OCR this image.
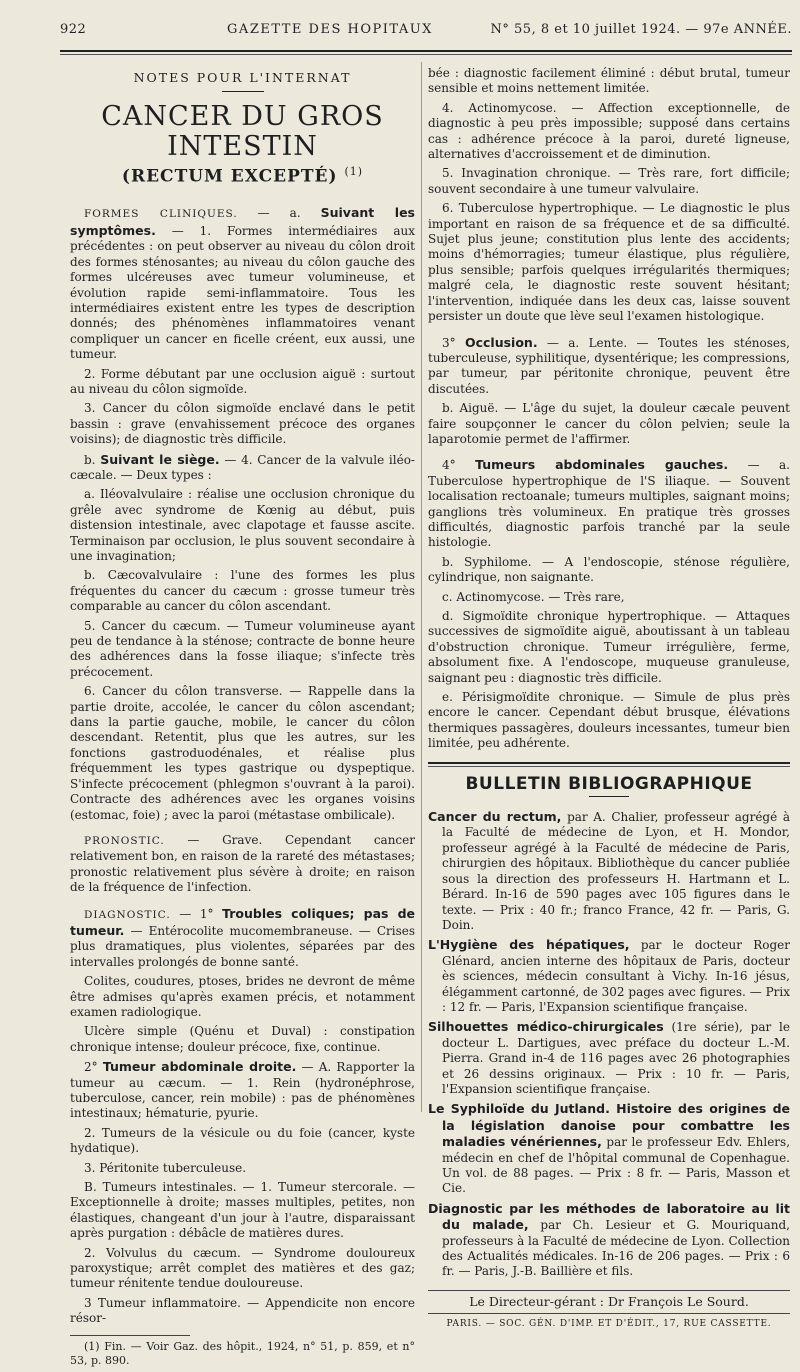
922	GAZETTE DES HOPITAUX	N° 55, 8 et 10 juillet 1924. — 97e ANNÉE.
NOTES POUR L'INTERNAT
CANCER DU GROS INTESTIN
(RECTUM EXCEPTÉ) $^{(1)}$

FORMES CLINIQUES. — a. Suivant les symptômes. — 1. Formes intermédiaires aux précédentes : on peut observer au niveau du côlon droit des formes sténosantes; au niveau du côlon gauche des formes ulcéreuses avec tumeur volumineuse, et évolution rapide semi-inflammatoire. Tous les intermédiaires existent entre les types de description donnés; des phénomènes inflammatoires venant compliquer un cancer en ficelle créent, eux aussi, une tumeur.

2. Forme débutant par une occlusion aiguë : surtout au niveau du côlon sigmoïde.

3. Cancer du côlon sigmoïde enclavé dans le petit bassin : grave (envahissement précoce des organes voisins); de diagnostic très difficile.

b. Suivant le siège. — 4. Cancer de la valvule iléo-cæcale. — Deux types :

a. Iléovalvulaire : réalise une occlusion chronique du grêle avec syndrome de Kœnig au début, puis distension intestinale, avec clapotage et fausse ascite. Terminaison par occlusion, le plus souvent secondaire à une invagination;

b. Cæcovalvulaire : l'une des formes les plus fréquentes du cancer du cæcum : grosse tumeur très comparable au cancer du côlon ascendant.

5. Cancer du cæcum. — Tumeur volumineuse ayant peu de tendance à la sténose; contracte de bonne heure des adhérences dans la fosse iliaque; s'infecte très précocement.

6. Cancer du côlon transverse. — Rappelle dans la partie droite, accolée, le cancer du côlon ascendant; dans la partie gauche, mobile, le cancer du côlon descendant. Retentit, plus que les autres, sur les fonctions gastroduodénales, et réalise plus fréquemment les types gastrique ou dyspeptique. S'infecte précocement (phlegmon s'ouvrant à la paroi). Contracte des adhérences avec les organes voisins (estomac, foie) ; avec la paroi (métastase ombilicale).

PRONOSTIC. — Grave. Cependant cancer relativement bon, en raison de la rareté des métastases; pronostic relativement plus sévère à droite; en raison de la fréquence de l'infection.

DIAGNOSTIC. — 1° Troubles coliques; pas de tumeur. — Entérocolite mucomembraneuse. — Crises plus dramatiques, plus violentes, séparées par des intervalles prolongés de bonne santé.

Colites, coudures, ptoses, brides ne devront de même être admises qu'après examen précis, et notamment examen radiologique.

Ulcère simple (Quénu et Duval) : constipation chronique intense; douleur précoce, fixe, continue.

2° Tumeur abdominale droite. — A. Rapporter la tumeur au cæcum. — 1. Rein (hydronéphrose, tuberculose, cancer, rein mobile) : pas de phénomènes intestinaux; hématurie, pyurie.

2. Tumeurs de la vésicule ou du foie (cancer, kyste hydatique).

3. Péritonite tuberculeuse.

B. Tumeurs intestinales. — 1. Tumeur stercorale. — Exceptionnelle à droite; masses multiples, petites, non élastiques, changeant d'un jour à l'autre, disparaissant après purgation : débâcle de matières dures.

2. Volvulus du cæcum. — Syndrome douloureux paroxystique; arrêt complet des matières et des gaz; tumeur rénitente tendue douloureuse.

3 Tumeur inflammatoire. — Appendicite non encore résor-

(1) Fin. — Voir Gaz. des hôpit., 1924, n° 51, p. 859, et n° 53, p. 890.

bée : diagnostic facilement éliminé : début brutal, tumeur sensible et moins nettement limitée.

4. Actinomycose. — Affection exceptionnelle, de diagnostic à peu près impossible; supposé dans certains cas : adhérence précoce à la paroi, dureté ligneuse, alternatives d'accroissement et de diminution.

5. Invagination chronique. — Très rare, fort difficile; souvent secondaire à une tumeur valvulaire.

6. Tuberculose hypertrophique. — Le diagnostic le plus important en raison de sa fréquence et de sa difficulté. Sujet plus jeune; constitution plus lente des accidents; moins d'hémorragies; tumeur élastique, plus régulière, plus sensible; parfois quelques irrégularités thermiques; malgré cela, le diagnostic reste souvent hésitant; l'intervention, indiquée dans les deux cas, laisse souvent persister un doute que lève seul l'examen histologique.

3° Occlusion. — a. Lente. — Toutes les sténoses, tuberculeuse, syphilitique, dysentérique; les compressions, par tumeur, par péritonite chronique, peuvent être discutées.

b. Aiguë. — L'âge du sujet, la douleur cæcale peuvent faire soupçonner le cancer du côlon pelvien; seule la laparotomie permet de l'affirmer.

4° Tumeurs abdominales gauches. — a. Tuberculose hypertrophique de l'S iliaque. — Souvent localisation rectoanale; tumeurs multiples, saignant moins; ganglions très volumineux. En pratique très grosses difficultés, diagnostic parfois tranché par la seule histologie.

b. Syphilome. — A l'endoscopie, sténose régulière, cylindrique, non saignante.

c. Actinomycose. — Très rare,

d. Sigmoïdite chronique hypertrophique. — Attaques successives de sigmoïdite aiguë, aboutissant à un tableau d'obstruction chronique. Tumeur irrégulière, ferme, absolument fixe. A l'endoscope, muqueuse granuleuse, saignant peu : diagnostic très difficile.

e. Périsigmoïdite chronique. — Simule de plus près encore le cancer. Cependant début brusque, élévations thermiques passagères, douleurs incessantes, tumeur bien limitée, peu adhérente.

BULLETIN BIBLIOGRAPHIQUE
Cancer du rectum, par A. Chalier, professeur agrégé à la Faculté de médecine de Lyon, et H. Mondor, professeur agrégé à la Faculté de médecine de Paris, chirurgien des hôpitaux. Bibliothèque du cancer publiée sous la direction des professeurs H. Hartmann et L. Bérard. In-16 de 590 pages avec 105 figures dans le texte. — Prix : 40 fr.; franco France, 42 fr. — Paris, G. Doin.
L'Hygiène des hépatiques, par le docteur Roger Glénard, ancien interne des hôpitaux de Paris, docteur ès sciences, médecin consultant à Vichy. In-16 jésus, élégamment cartonné, de 302 pages avec figures. — Prix : 12 fr. — Paris, l'Expansion scientifique française.
Silhouettes médico-chirurgicales (1re série), par le docteur L. Dartigues, avec préface du docteur L.-M. Pierra. Grand in-4 de 116 pages avec 26 photographies et 26 dessins originaux. — Prix : 10 fr. — Paris, l'Expansion scientifique française.
Le Syphiloïde du Jutland. Histoire des origines de la législation danoise pour combattre les maladies vénériennes, par le professeur Edv. Ehlers, médecin en chef de l'hôpital communal de Copenhague. Un vol. de 88 pages. — Prix : 8 fr. — Paris, Masson et Cie.
Diagnostic par les méthodes de laboratoire au lit du malade, par Ch. Lesieur et G. Mouriquand, professeurs à la Faculté de médecine de Lyon. Collection des Actualités médicales. In-16 de 206 pages. — Prix : 6 fr. — Paris, J.-B. Baillière et fils.
Le Directeur-gérant : Dr François Le Sourd.
PARIS. — SOC. GÉN. D'IMP. ET D'ÉDIT., 17, RUE CASSETTE.
